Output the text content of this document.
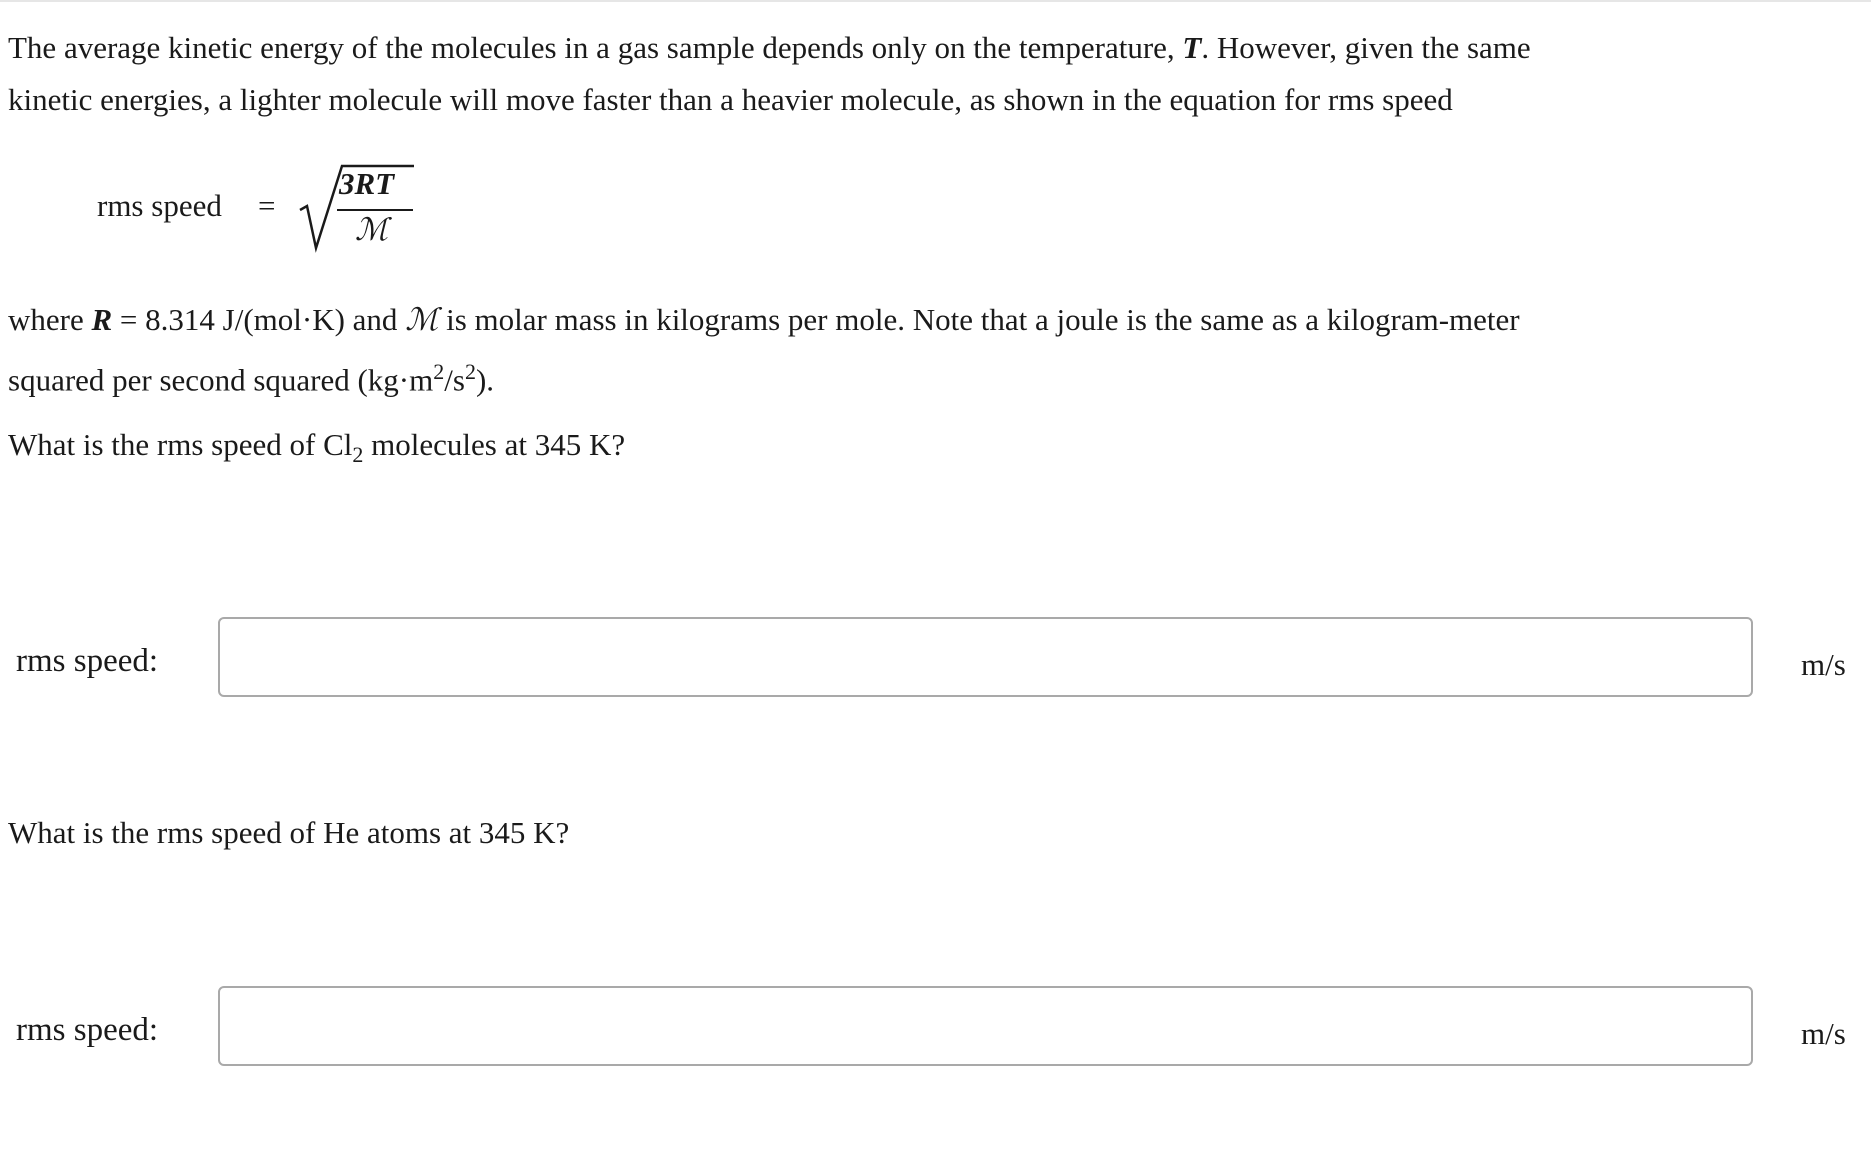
The average kinetic energy of the molecules in a gas sample depends only on the temperature, T. However, given the same
kinetic energies, a lighter molecule will move faster than a heavier molecule, as shown in the equation for rms speed
rms speed =
3RT
ℳ
where R = 8.314 J/(mol·K) and ℳ is molar mass in kilograms per mole. Note that a joule is the same as a kilogram-meter
squared per second squared $(kg\cdot m^2/s^2)$.
What is the rms speed of $Cl_2$ molecules at 345 K?
rms speed:	m/s
What is the rms speed of He atoms at 345 K?
rms speed:	m/s
